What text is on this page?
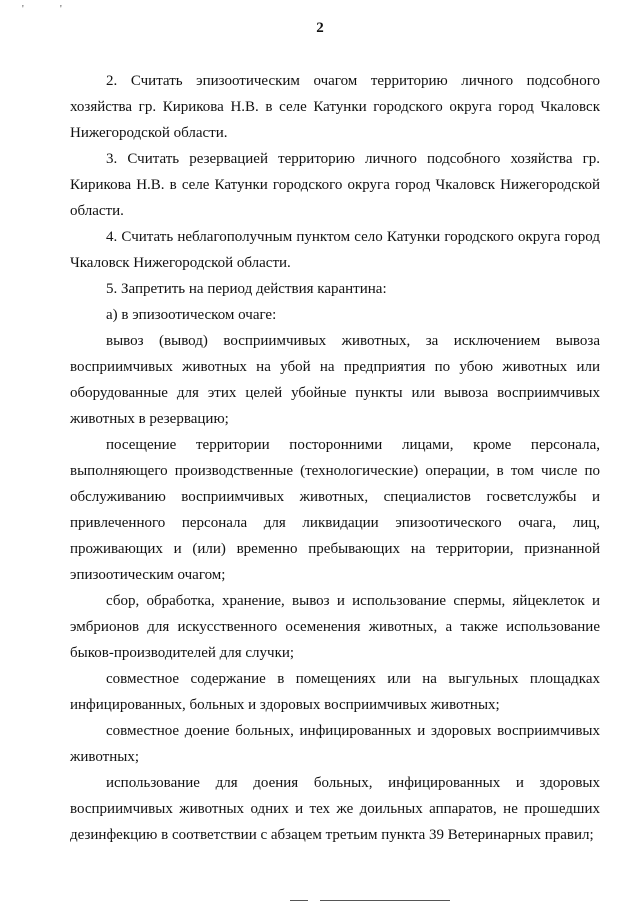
'	'
2

2. Считать эпизоотическим очагом территорию личного подсобного хозяйства гр. Кирикова Н.В. в селе Катунки городского округа город Чкаловск Нижегородской области.

3. Считать резервацией территорию личного подсобного хозяйства гр. Кирикова Н.В. в селе Катунки городского округа город Чкаловск Нижегородской области.

4. Считать неблагополучным пунктом село Катунки городского округа город Чкаловск Нижегородской области.

5. Запретить на период действия карантина:

а) в эпизоотическом очаге:

вывоз (вывод) восприимчивых животных, за исключением вывоза восприимчивых животных на убой на предприятия по убою животных или оборудованные для этих целей убойные пункты или вывоза восприимчивых животных в резервацию;

посещение территории посторонними лицами, кроме персонала, выполняющего производственные (технологические) операции, в том числе по обслуживанию восприимчивых животных, специалистов госветслужбы и привлеченного персонала для ликвидации эпизоотического очага, лиц, проживающих и (или) временно пребывающих на территории, признанной эпизоотическим очагом;

сбор, обработка, хранение, вывоз и использование спермы, яйцеклеток и эмбрионов для искусственного осеменения животных, а также использование быков-производителей для случки;

совместное содержание в помещениях или на выгульных площадках инфицированных, больных и здоровых восприимчивых животных;

совместное доение больных, инфицированных и здоровых восприимчивых животных;

использование для доения больных, инфицированных и здоровых восприимчивых животных одних и тех же доильных аппаратов, не прошедших дезинфекцию в соответствии с абзацем третьим пункта 39 Ветеринарных правил;
